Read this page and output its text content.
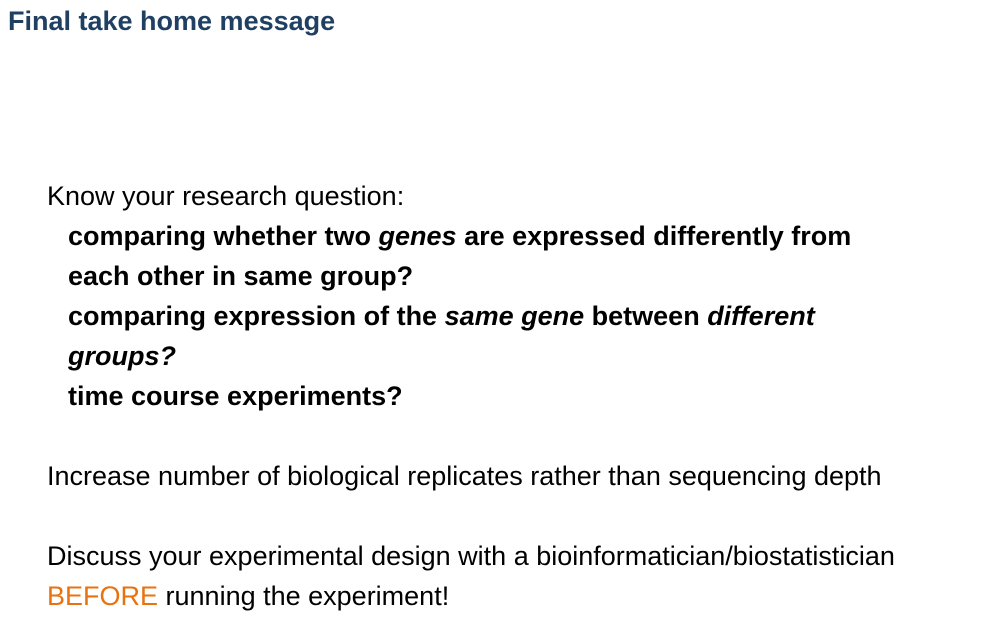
Final take home message

Know your research question:

comparing whether two genes are expressed differently from

each other in same group?

comparing expression of the same gene between different

groups?

time course experiments?

Increase number of biological replicates rather than sequencing depth

Discuss your experimental design with a bioinformatician/biostatistician

BEFORE running the experiment!
